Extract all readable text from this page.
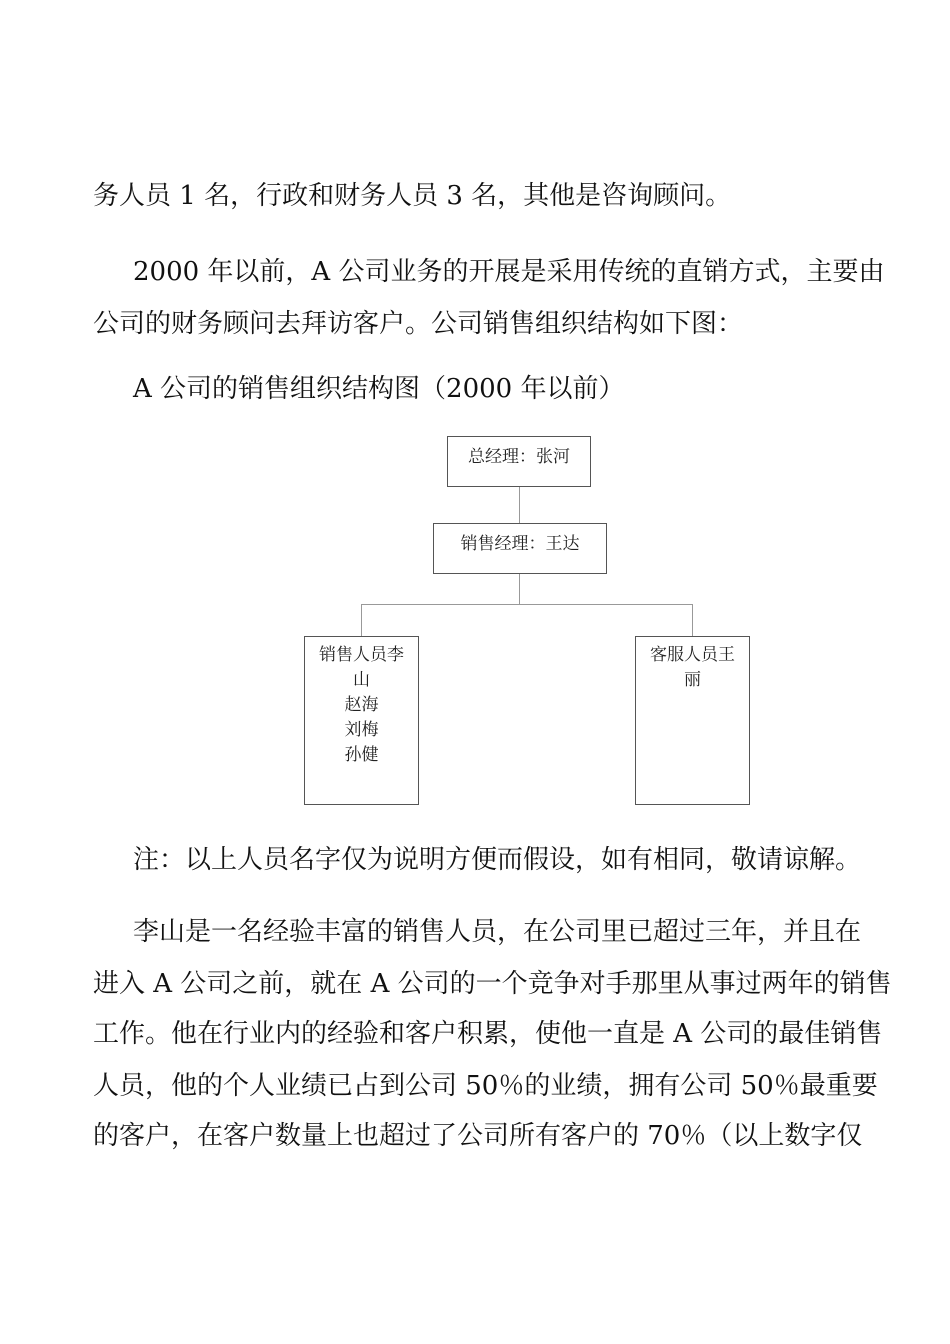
务人员 1 名，行政和财务人员 3 名，其他是咨询顾问。

2000 年以前，A 公司业务的开展是采用传统的直销方式，主要由

公司的财务顾问去拜访客户。公司销售组织结构如下图：

A 公司的销售组织结构图（2000 年以前）

总经理：张河
销售经理：王达
销售人员李
山
赵海
刘梅
孙健
客服人员王
丽

注：以上人员名字仅为说明方便而假设，如有相同，敬请谅解。

李山是一名经验丰富的销售人员，在公司里已超过三年，并且在

进入 A 公司之前，就在 A 公司的一个竞争对手那里从事过两年的销售

工作。他在行业内的经验和客户积累，使他一直是 A 公司的最佳销售

人员，他的个人业绩已占到公司 50％的业绩，拥有公司 50％最重要

的客户，在客户数量上也超过了公司所有客户的 70％（以上数字仅
